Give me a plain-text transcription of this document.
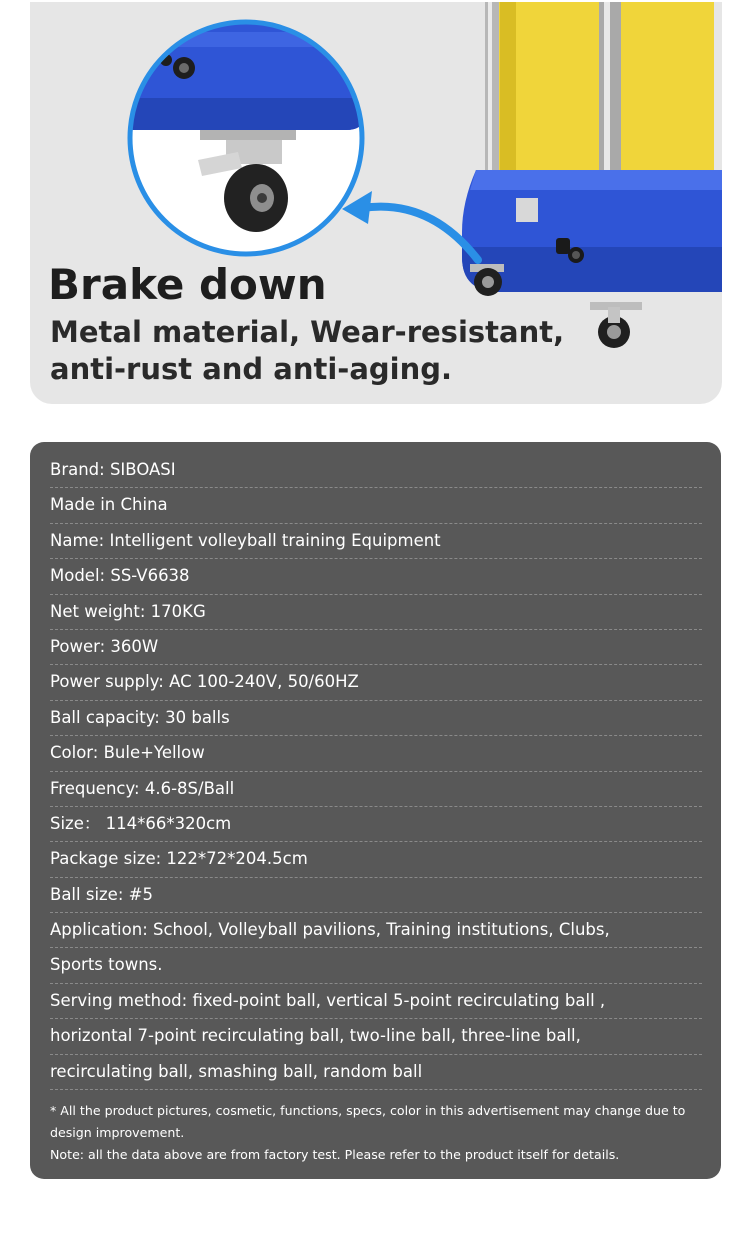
Brake down

Metal material, Wear-resistant, anti-rust and anti-aging.

Brand: SIBOASI
Made in China
Name: Intelligent volleyball training Equipment
Model: SS-V6638
Net weight: 170KG
Power: 360W
Power supply: AC 100-240V, 50/60HZ
Ball capacity: 30 balls
Color: Bule+Yellow
Frequency: 4.6-8S/Ball
Size： 114*66*320cm
Package size: 122*72*204.5cm
Ball size: #5
Application: School, Volleyball pavilions, Training institutions, Clubs,
Sports towns.
Serving method: fixed-point ball, vertical 5-point recirculating ball ,
horizontal 7-point recirculating ball, two-line ball, three-line ball,
recirculating ball, smashing ball, random ball

* All the product pictures, cosmetic, functions, specs, color in this advertisement may change due to design improvement.

Note: all the data above are from factory test. Please refer to the product itself for details.
